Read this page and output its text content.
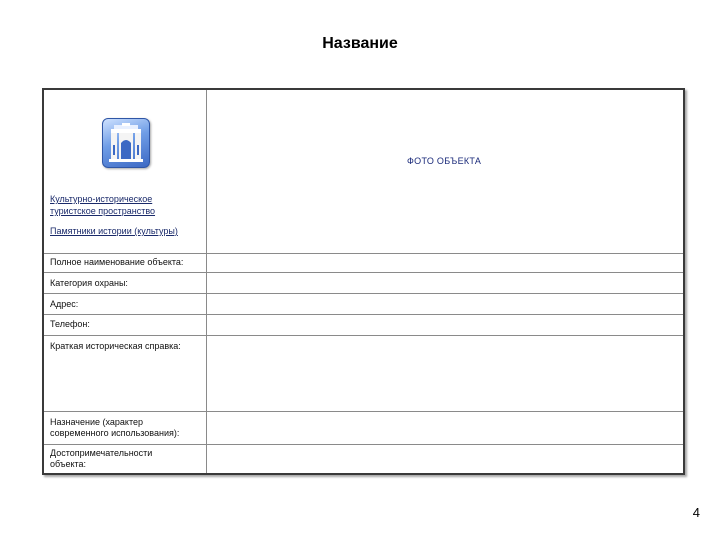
Название
ФОТО ОБЪЕКТА
Культурно-историческое
туристское пространство
Памятники истории (культуры)
Полное наименование объекта:
Категория охраны:
Адрес:
Телефон:
Краткая историческая справка:
Назначение (характер
современного использования):
Достопримечательности
объекта:
4
